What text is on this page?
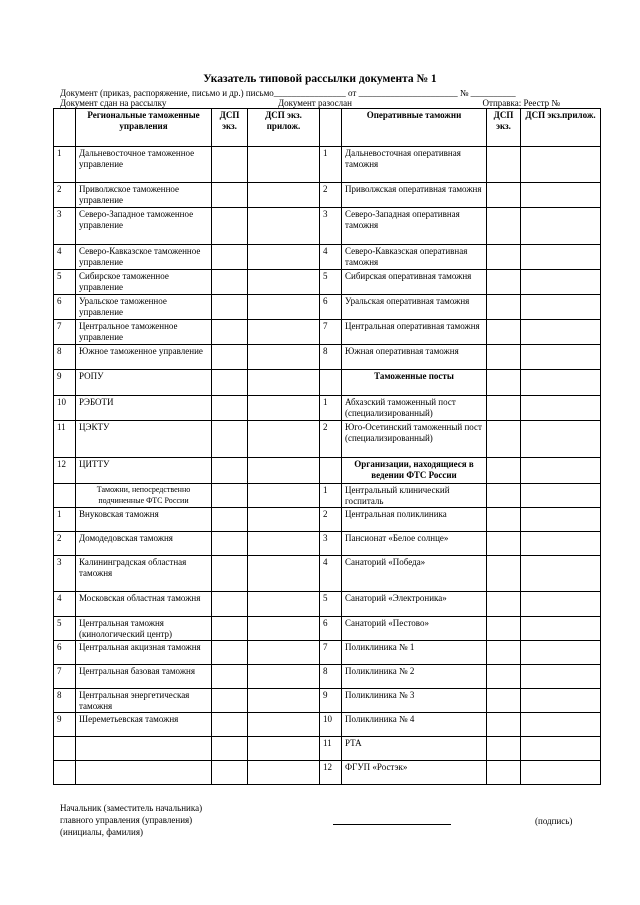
Указатель типовой рассылки документа № 1
Документ (приказ, распоряжение, письмо и др.) письмо________________ от ______________________ № __________
Документ сдан на рассылку	Документ разослан	Отправка: Реестр №
	Региональные таможенные управления	ДСП экз.	ДСП экз. прилож.		Оперативные таможни	ДСП экз.	ДСП экз.прилож.
1	Дальневосточное таможенное управление			1	Дальневосточная оперативная таможня		
2	Приволжское таможенное управление			2	Приволжская оперативная таможня		
3	Северо-Западное таможенное управление			3	Северо-Западная оперативная таможня		
4	Северо-Кавказское таможенное управление			4	Северо-Кавказская оперативная таможня		
5	Сибирское таможенное управление			5	Сибирская оперативная таможня		
6	Уральское таможенное управление			6	Уральская оперативная таможня		
7	Центральное таможенное управление			7	Центральная оперативная таможня		
8	Южное таможенное управление			8	Южная оперативная таможня		
9	РОПУ				Таможенные посты		
10	РЭБОТИ			1	Абхазский таможенный пост (специализированный)		
11	ЦЭКТУ			2	Юго-Осетинский таможенный пост (специализированный)		
12	ЦИТТУ				Организации, находящиеся в ведении ФТС России		
	Таможни, непосредственно подчиненные ФТС России			1	Центральный клинический госпиталь		
1	Внуковская таможня			2	Центральная поликлиника		
2	Домодедовская таможня			3	Пансионат «Белое солнце»		
3	Калининградская областная таможня			4	Санаторий «Победа»		
4	Московская областная таможня			5	Санаторий «Электроника»		
5	Центральная таможня (кинологический центр)			6	Санаторий «Пестово»		
6	Центральная акцизная таможня			7	Поликлиника № 1		
7	Центральная базовая таможня			8	Поликлиника № 2		
8	Центральная энергетическая таможня			9	Поликлиника № 3		
9	Шереметьевская таможня			10	Поликлиника № 4		
				11	РТА		
				12	ФГУП «Ростэк»		
Начальник (заместитель начальника)
главного управления (управления)
(инициалы, фамилия)
(подпись)
